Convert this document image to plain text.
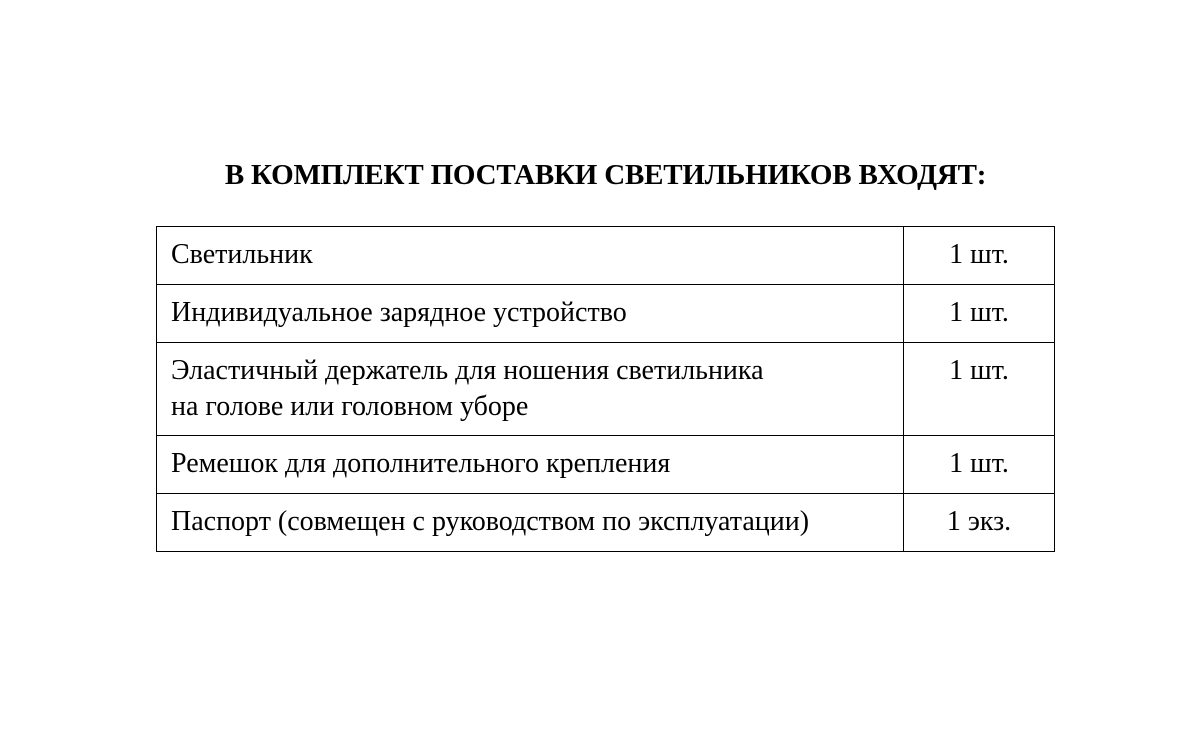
В КОМПЛЕКТ ПОСТАВКИ СВЕТИЛЬНИКОВ ВХОДЯТ:
Светильник	1 шт.

Индивидуальное зарядное устройство	1 шт.

Эластичный держатель для ношения светильника
на голове или головном уборе	1 шт.

Ремешок для дополнительного крепления	1 шт.

Паспорт (совмещен с руководством по эксплуатации)	1 экз.
